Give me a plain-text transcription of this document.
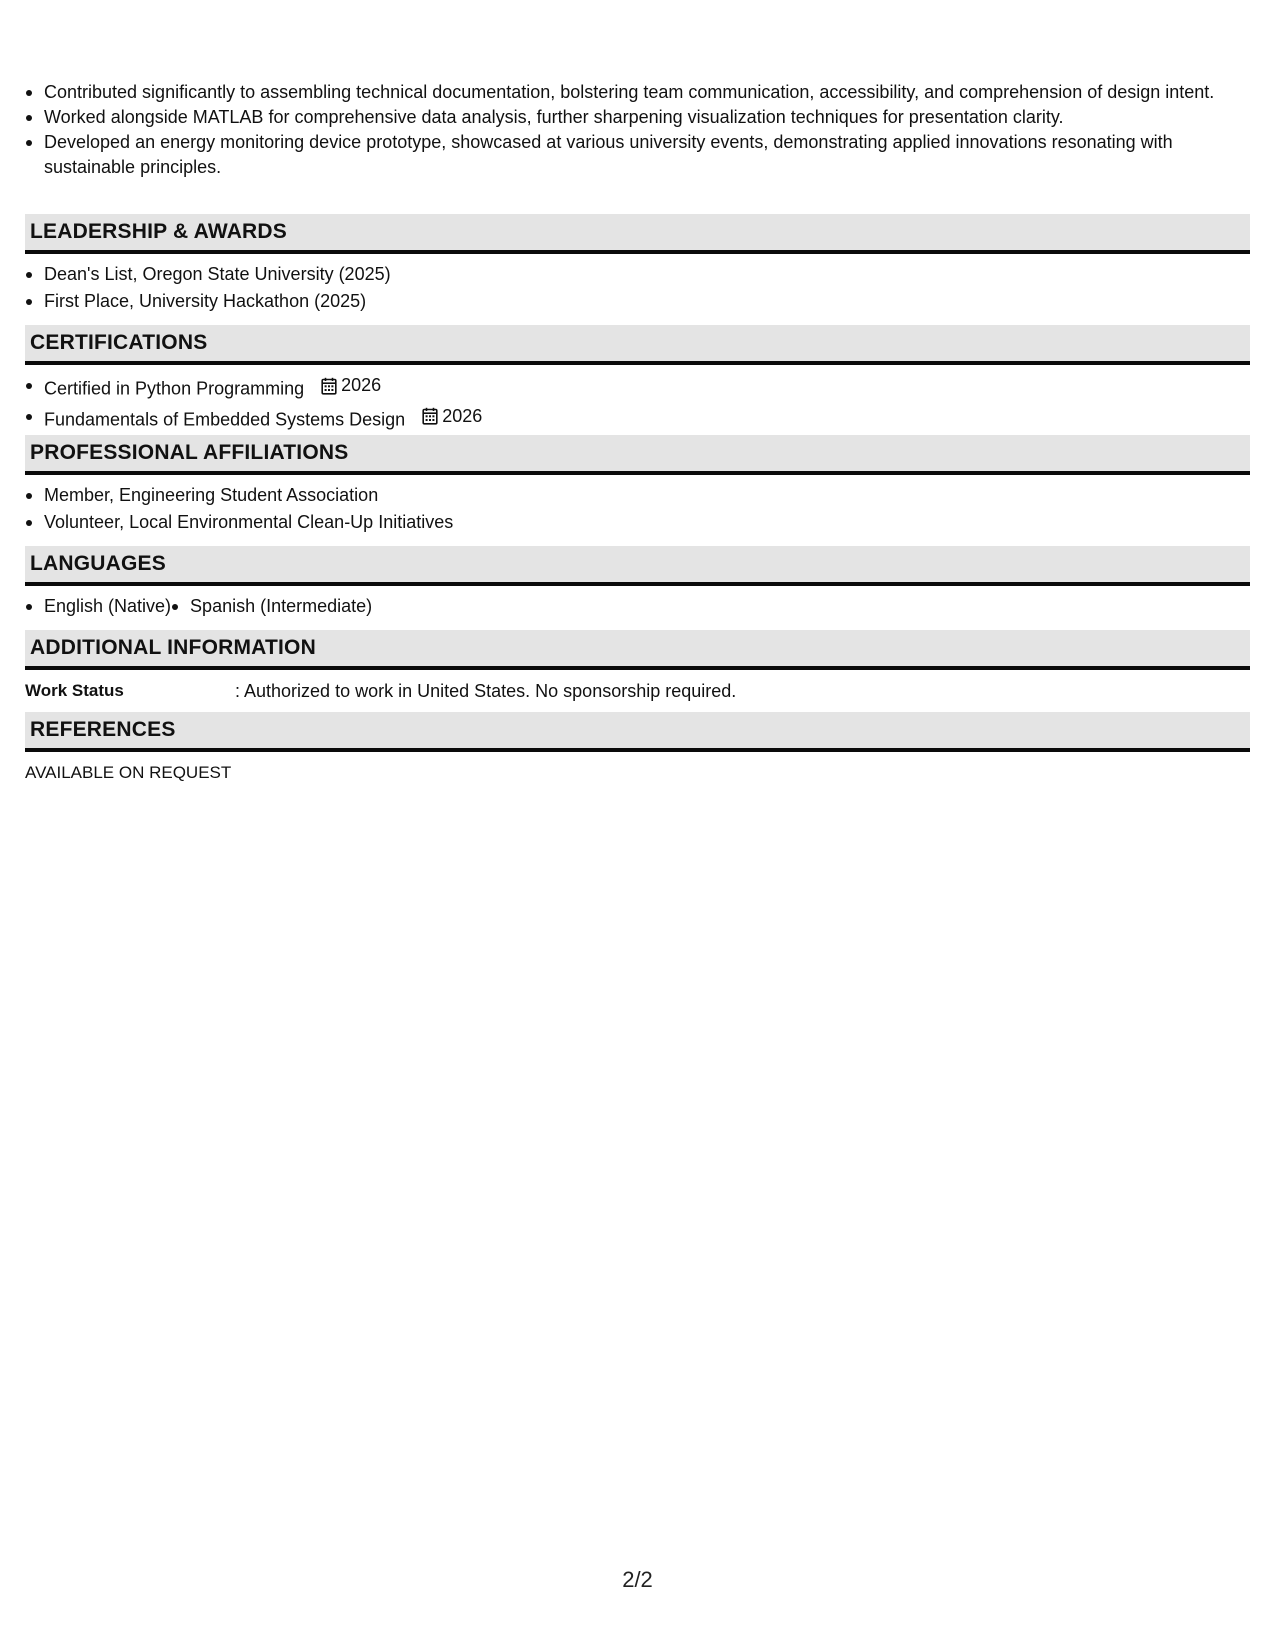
Contributed significantly to assembling technical documentation, bolstering team communication, accessibility, and comprehension of design intent.
Worked alongside MATLAB for comprehensive data analysis, further sharpening visualization techniques for presentation clarity.
Developed an energy monitoring device prototype, showcased at various university events, demonstrating applied innovations resonating with sustainable principles.
LEADERSHIP & AWARDS
Dean's List, Oregon State University (2025)
First Place, University Hackathon (2025)
CERTIFICATIONS
Certified in Python Programming 2026
Fundamentals of Embedded Systems Design 2026
PROFESSIONAL AFFILIATIONS
Member, Engineering Student Association
Volunteer, Local Environmental Clean-Up Initiatives
LANGUAGES
English (Native)	Spanish (Intermediate)
ADDITIONAL INFORMATION
Work Status	: Authorized to work in United States. No sponsorship required.
REFERENCES
AVAILABLE ON REQUEST
2/2
